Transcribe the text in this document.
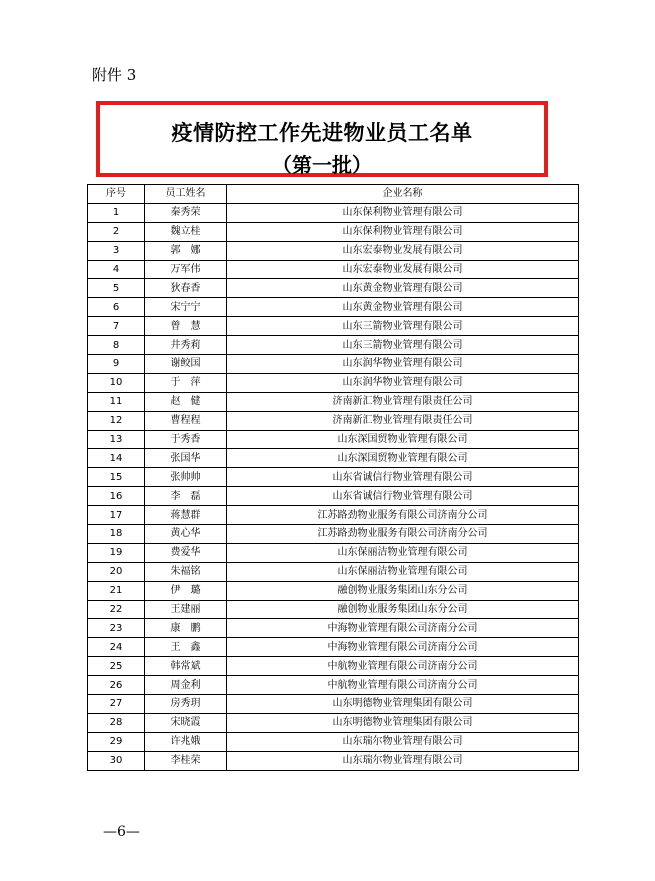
附件 3
疫情防控工作先进物业员工名单
（第一批）
序号	员工姓名	企业名称
1	秦秀荣	山东保利物业管理有限公司
2	魏立桂	山东保利物业管理有限公司
3	郭　娜	山东宏泰物业发展有限公司
4	万军伟	山东宏泰物业发展有限公司
5	狄春香	山东黄金物业管理有限公司
6	宋宁宁	山东黄金物业管理有限公司
7	曾　慧	山东三箭物业管理有限公司
8	井秀莉	山东三箭物业管理有限公司
9	谢鲛国	山东润华物业管理有限公司
10	于　萍	山东润华物业管理有限公司
11	赵　健	济南新汇物业管理有限责任公司
12	曹程程	济南新汇物业管理有限责任公司
13	于秀香	山东深国贸物业管理有限公司
14	张国华	山东深国贸物业管理有限公司
15	张帅帅	山东省诚信行物业管理有限公司
16	李　磊	山东省诚信行物业管理有限公司
17	蒋慧群	江苏路劲物业服务有限公司济南分公司
18	黄心华	江苏路劲物业服务有限公司济南分公司
19	费爱华	山东保丽洁物业管理有限公司
20	朱福铭	山东保丽洁物业管理有限公司
21	伊　璐	融创物业服务集团山东分公司
22	王建丽	融创物业服务集团山东分公司
23	康　鹏	中海物业管理有限公司济南分公司
24	王　鑫	中海物业管理有限公司济南分公司
25	韩常斌	中航物业管理有限公司济南分公司
26	周金利	中航物业管理有限公司济南分公司
27	房秀玥	山东明德物业管理集团有限公司
28	宋晓霞	山东明德物业管理集团有限公司
29	许兆娥	山东瑞尔物业管理有限公司
30	李桂荣	山东瑞尔物业管理有限公司
—6—
